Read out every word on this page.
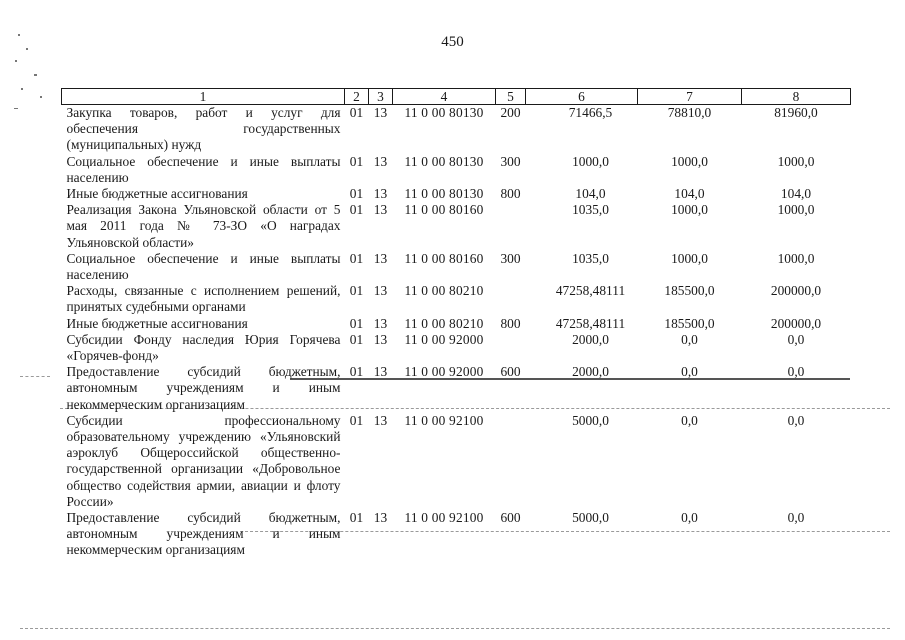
450
1	2	3	4	5	6	7	8
Закупка товаров, работ и услуг для обеспечения государственных (муниципальных) нужд	01	13	11 0 00 80130	200	71466,5	78810,0	81960,0
Социальное обеспечение и иные выплаты населению	01	13	11 0 00 80130	300	1000,0	1000,0	1000,0
Иные бюджетные ассигнования	01	13	11 0 00 80130	800	104,0	104,0	104,0
Реализация Закона Ульяновской области от 5 мая 2011 года № 73-ЗО «О наградах Ульяновской области»	01	13	11 0 00 80160		1035,0	1000,0	1000,0
Социальное обеспечение и иные выплаты населению	01	13	11 0 00 80160	300	1035,0	1000,0	1000,0
Расходы, связанные с исполнением решений, принятых судебными органами	01	13	11 0 00 80210		47258,48111	185500,0	200000,0
Иные бюджетные ассигнования	01	13	11 0 00 80210	800	47258,48111	185500,0	200000,0
Субсидии Фонду наследия Юрия Горячева «Горячев-фонд»	01	13	11 0 00 92000		2000,0	0,0	0,0
Предоставление субсидий бюджетным, автономным учреждениям и иным некоммерческим организациям	01	13	11 0 00 92000	600	2000,0	0,0	0,0
Субсидии профессиональному образовательному учреждению «Ульяновский аэроклуб Общероссийской общественно-государственной организации «Добровольное общество содействия армии, авиации и флоту России»	01	13	11 0 00 92100		5000,0	0,0	0,0
Предоставление субсидий бюджетным, автономным учреждениям и иным некоммерческим организациям	01	13	11 0 00 92100	600	5000,0	0,0	0,0
